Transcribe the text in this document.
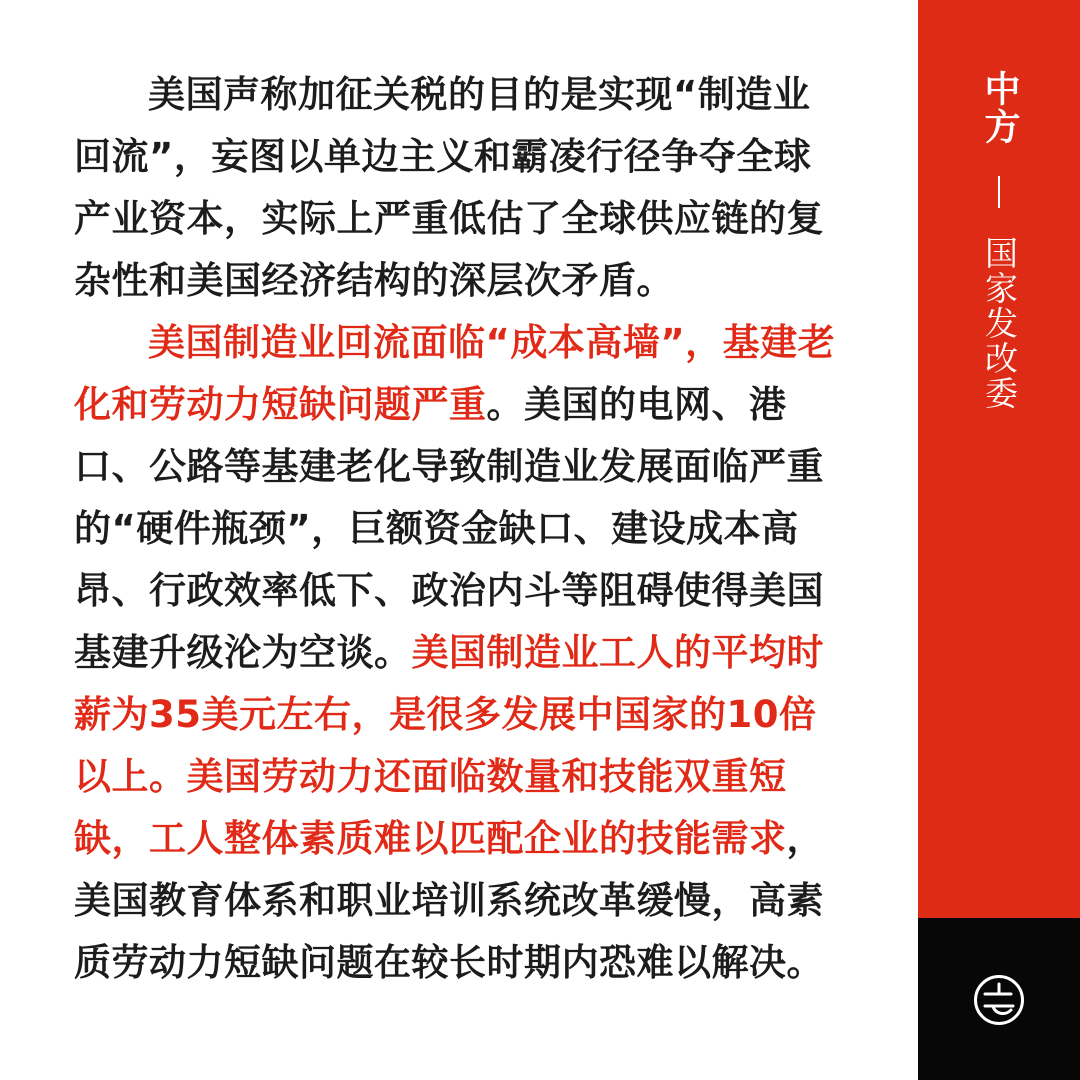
美国声称加征关税的目的是实现“制造业回流”，妄图以单边主义和霸凌行径争夺全球产业资本，实际上严重低估了全球供应链的复杂性和美国经济结构的深层次矛盾。

美国制造业回流面临“成本高墙”，基建老化和劳动力短缺问题严重。美国的电网、港口、公路等基建老化导致制造业发展面临严重的“硬件瓶颈”，巨额资金缺口、建设成本高昂、行政效率低下、政治内斗等阻碍使得美国基建升级沦为空谈。美国制造业工人的平均时薪为35美元左右，是很多发展中国家的10倍以上。美国劳动力还面临数量和技能双重短缺，工人整体素质难以匹配企业的技能需求，美国教育体系和职业培训系统改革缓慢，高素质劳动力短缺问题在较长时期内恐难以解决。

中方
国家发改委
